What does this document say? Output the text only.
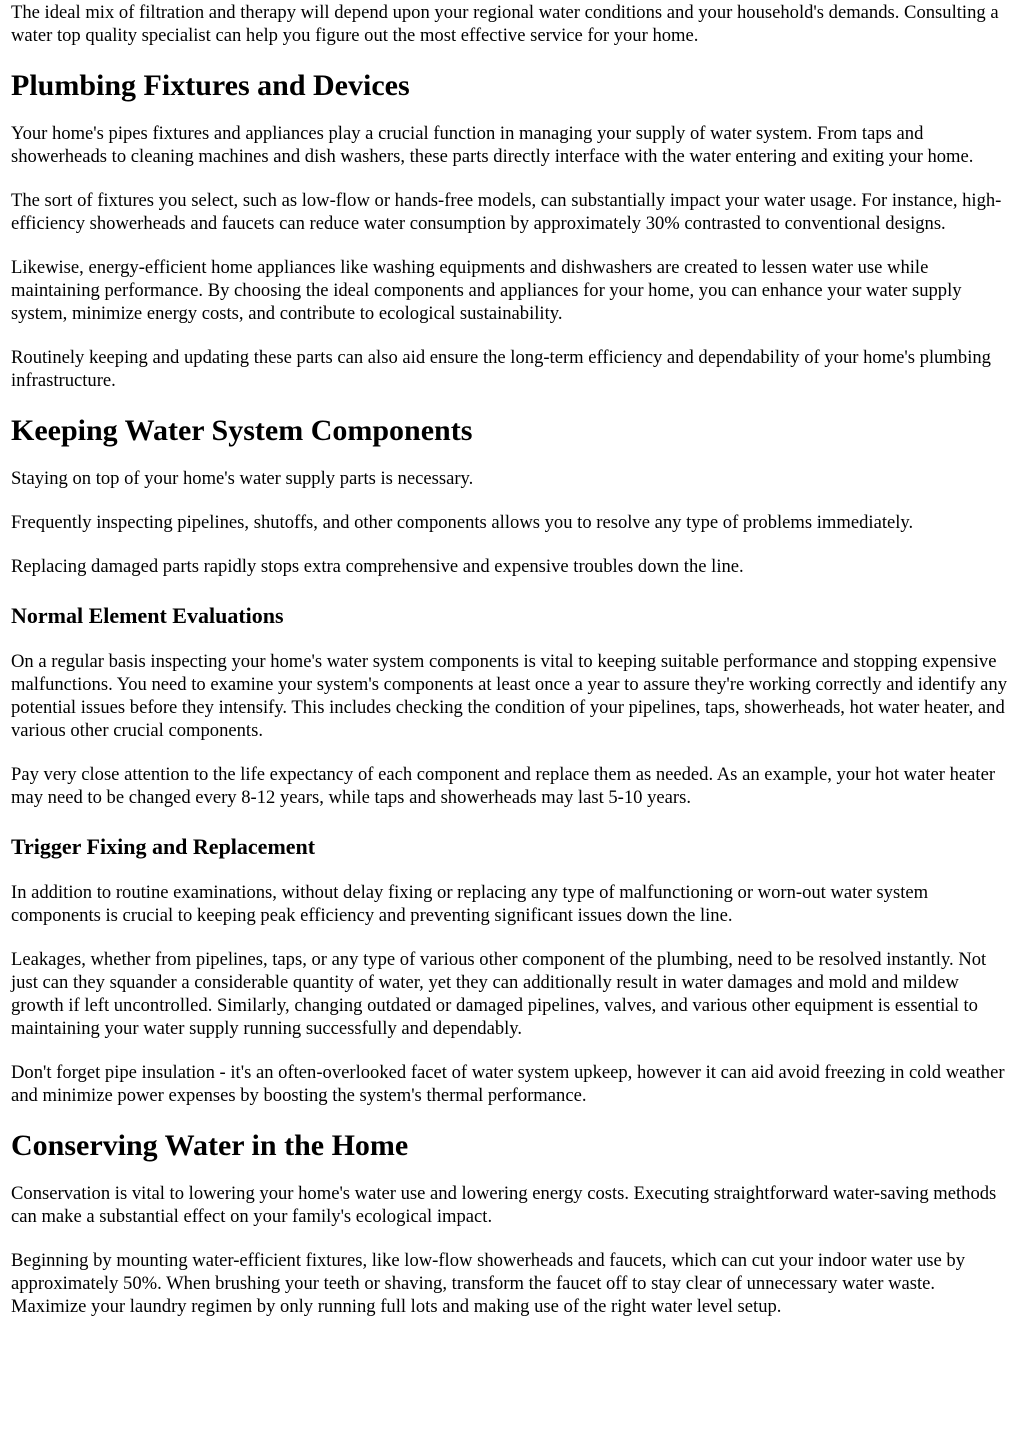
The ideal mix of filtration and therapy will depend upon your regional water conditions and your household's demands. Consulting a water top quality specialist can help you figure out the most effective service for your home.

Plumbing Fixtures and Devices

Your home's pipes fixtures and appliances play a crucial function in managing your supply of water system. From taps and showerheads to cleaning machines and dish washers, these parts directly interface with the water entering and exiting your home.

The sort of fixtures you select, such as low-flow or hands-free models, can substantially impact your water usage. For instance, high-efficiency showerheads and faucets can reduce water consumption by approximately 30% contrasted to conventional designs.

Likewise, energy-efficient home appliances like washing equipments and dishwashers are created to lessen water use while maintaining performance. By choosing the ideal components and appliances for your home, you can enhance your water supply system, minimize energy costs, and contribute to ecological sustainability.

Routinely keeping and updating these parts can also aid ensure the long-term efficiency and dependability of your home's plumbing infrastructure.

Keeping Water System Components

Staying on top of your home's water supply parts is necessary.

Frequently inspecting pipelines, shutoffs, and other components allows you to resolve any type of problems immediately.

Replacing damaged parts rapidly stops extra comprehensive and expensive troubles down the line.

Normal Element Evaluations

On a regular basis inspecting your home's water system components is vital to keeping suitable performance and stopping expensive malfunctions. You need to examine your system's components at least once a year to assure they're working correctly and identify any potential issues before they intensify. This includes checking the condition of your pipelines, taps, showerheads, hot water heater, and various other crucial components.

Pay very close attention to the life expectancy of each component and replace them as needed. As an example, your hot water heater may need to be changed every 8-12 years, while taps and showerheads may last 5-10 years.

Trigger Fixing and Replacement

In addition to routine examinations, without delay fixing or replacing any type of malfunctioning or worn-out water system components is crucial to keeping peak efficiency and preventing significant issues down the line.

Leakages, whether from pipelines, taps, or any type of various other component of the plumbing, need to be resolved instantly. Not just can they squander a considerable quantity of water, yet they can additionally result in water damages and mold and mildew growth if left uncontrolled. Similarly, changing outdated or damaged pipelines, valves, and various other equipment is essential to maintaining your water supply running successfully and dependably.

Don't forget pipe insulation - it's an often-overlooked facet of water system upkeep, however it can aid avoid freezing in cold weather and minimize power expenses by boosting the system's thermal performance.

Conserving Water in the Home

Conservation is vital to lowering your home's water use and lowering energy costs. Executing straightforward water-saving methods can make a substantial effect on your family's ecological impact.

Beginning by mounting water-efficient fixtures, like low-flow showerheads and faucets, which can cut your indoor water use by approximately 50%. When brushing your teeth or shaving, transform the faucet off to stay clear of unnecessary water waste. Maximize your laundry regimen by only running full lots and making use of the right water level setup.
